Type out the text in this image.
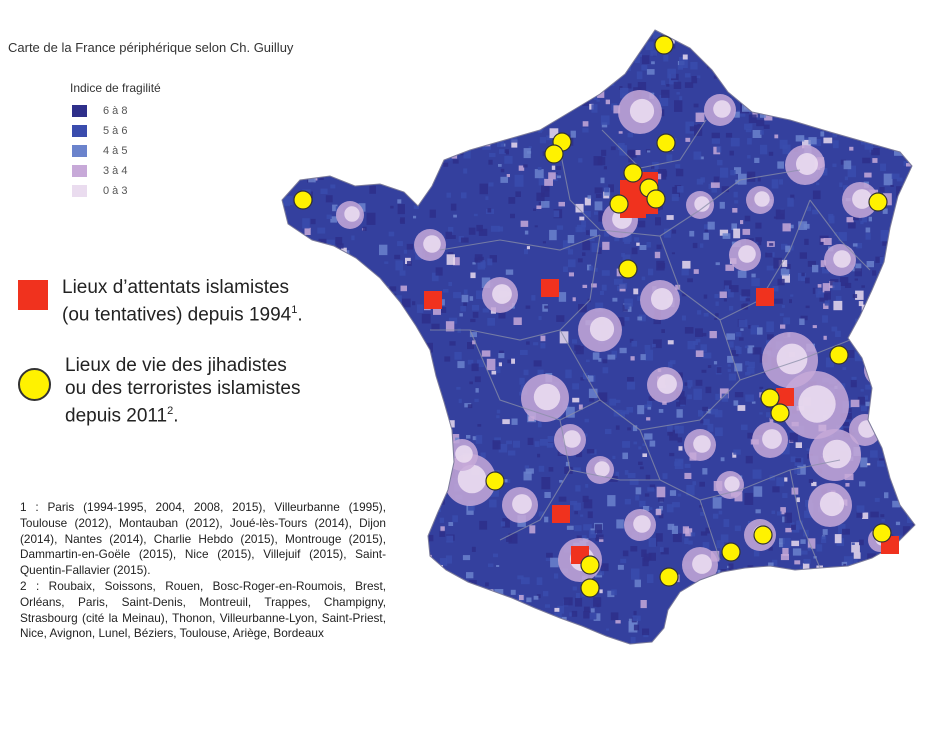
Carte de la France périphérique selon Ch. Guilluy
Indice de fragilité
6 à 8
5 à 6
4 à 5
3 à 4
0 à 3
Lieux d’attentats islamistes
(ou tentatives) depuis 1994$^1$.
Lieux de vie des jihadistes
ou des terroristes islamistes
depuis 2011$^2$.

1 : Paris (1994-1995, 2004, 2008, 2015), Villeurbanne (1995), Toulouse (2012), Montauban (2012), Joué-lès-Tours (2014), Dijon (2014), Nantes (2014), Charlie Hebdo (2015), Montrouge (2015), Dammartin-en-Goële (2015), Nice (2015), Villejuif (2015), Saint-Quentin-Fallavier (2015).

2 : Roubaix, Soissons, Rouen, Bosc-Roger-en-Roumois, Brest, Orléans, Paris, Saint-Denis, Montreuil, Trappes, Champigny, Strasbourg (cité la Meinau), Thonon, Villeurbanne-Lyon, Saint-Priest, Nice, Avignon, Lunel, Béziers, Toulouse, Ariège, Bordeaux
